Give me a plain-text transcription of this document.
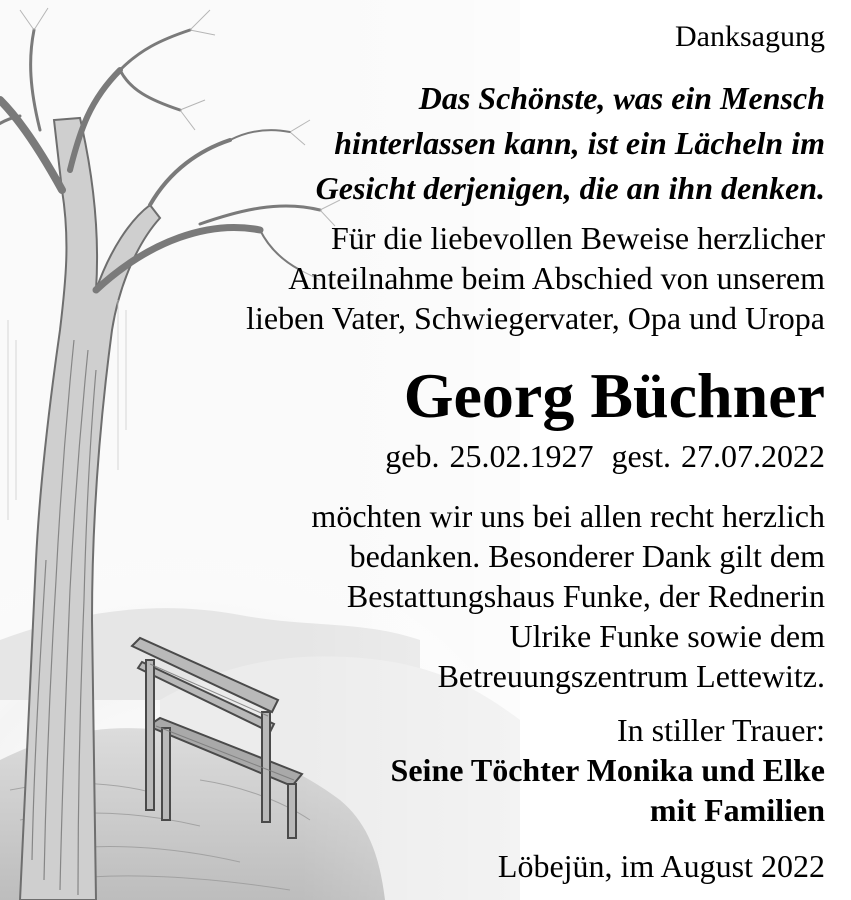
Danksagung
Das Schönste, was ein Mensch
hinterlassen kann, ist ein Lächeln im
Gesicht derjenigen, die an ihn denken.
Für die liebevollen Beweise herzlicher
Anteilnahme beim Abschied von unserem
lieben Vater, Schwiegervater, Opa und Uropa
Georg Büchner
geb. 25.02.1927 gest. 27.07.2022
möchten wir uns bei allen recht herzlich
bedanken. Besonderer Dank gilt dem
Bestattungshaus Funke, der Rednerin
Ulrike Funke sowie dem
Betreuungszentrum Lettewitz.
In stiller Trauer:
Seine Töchter Monika und Elke
mit Familien
Löbejün, im August 2022
